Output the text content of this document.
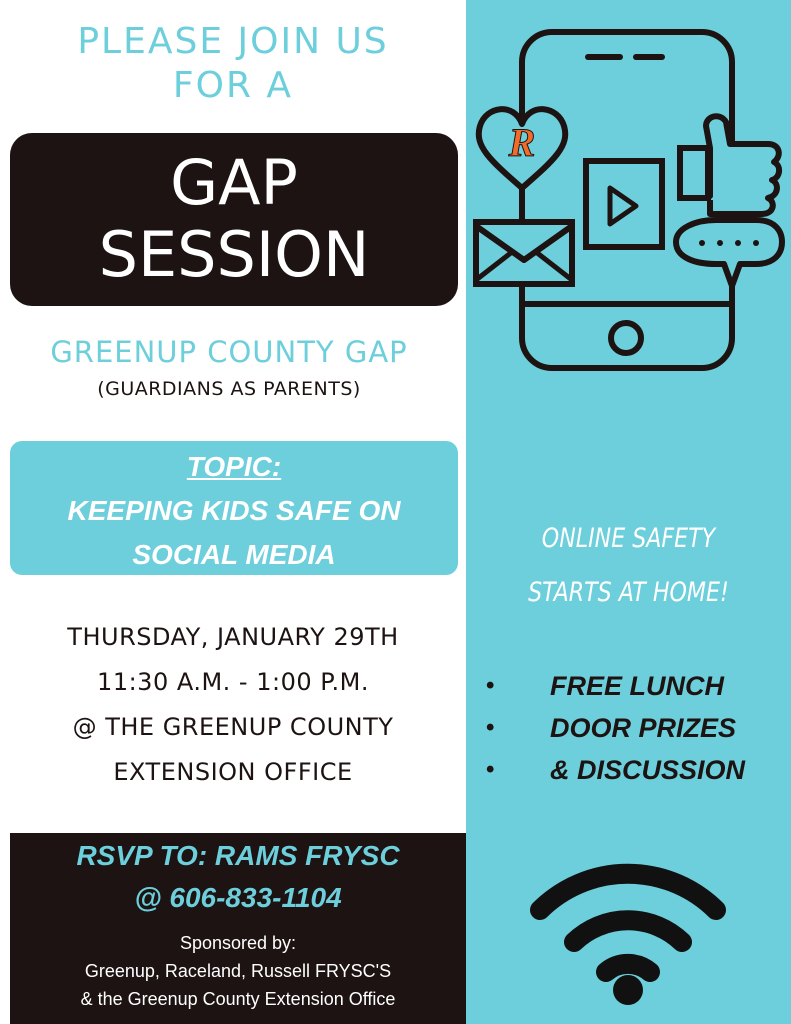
PLEASE JOIN US
FOR A
GAP
SESSION
GREENUP COUNTY GAP
(GUARDIANS AS PARENTS)
TOPIC:
KEEPING KIDS SAFE ON
SOCIAL MEDIA
THURSDAY, JANUARY 29TH
11:30 A.M. - 1:00 P.M.
@ THE GREENUP COUNTY
EXTENSION OFFICE
RSVP TO: RAMS FRYSC
@ 606-833-1104
Sponsored by:
Greenup, Raceland, Russell FRYSC'S
& the Greenup County Extension Office
R
ONLINE SAFETY
STARTS AT HOME!
• FREE LUNCH
• DOOR PRIZES
• & DISCUSSION
